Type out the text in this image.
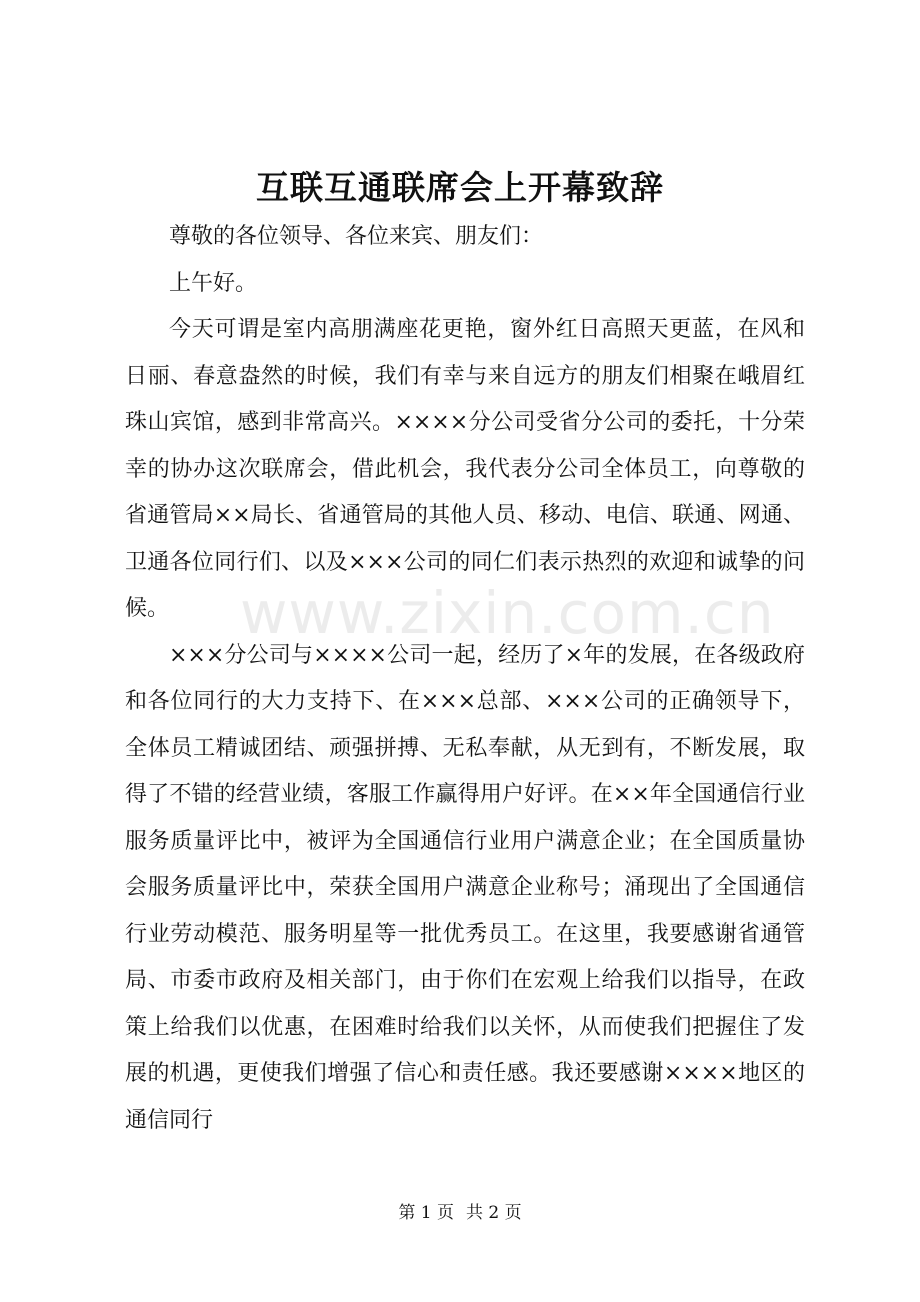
互联互通联席会上开幕致辞

尊敬的各位领导、各位来宾、朋友们：

上午好。

今天可谓是室内高朋满座花更艳，窗外红日高照天更蓝，在风和日丽、春意盎然的时候，我们有幸与来自远方的朋友们相聚在峨眉红珠山宾馆，感到非常高兴。××××分公司受省分公司的委托，十分荣幸的协办这次联席会，借此机会，我代表分公司全体员工，向尊敬的省通管局××局长、省通管局的其他人员、移动、电信、联通、网通、卫通各位同行们、以及×××公司的同仁们表示热烈的欢迎和诚挚的问候。

×××分公司与××××公司一起，经历了×年的发展，在各级政府和各位同行的大力支持下、在×××总部、×××公司的正确领导下，全体员工精诚团结、顽强拼搏、无私奉献，从无到有，不断发展，取得了不错的经营业绩，客服工作赢得用户好评。在××年全国通信行业服务质量评比中，被评为全国通信行业用户满意企业；在全国质量协会服务质量评比中，荣获全国用户满意企业称号；涌现出了全国通信行业劳动模范、服务明星等一批优秀员工。在这里，我要感谢省通管局、市委市政府及相关部门，由于你们在宏观上给我们以指导，在政策上给我们以优惠，在困难时给我们以关怀，从而使我们把握住了发展的机遇，更使我们增强了信心和责任感。我还要感谢××××地区的通信同行

www.zixin.com.cn
第 1 页 共 2 页
